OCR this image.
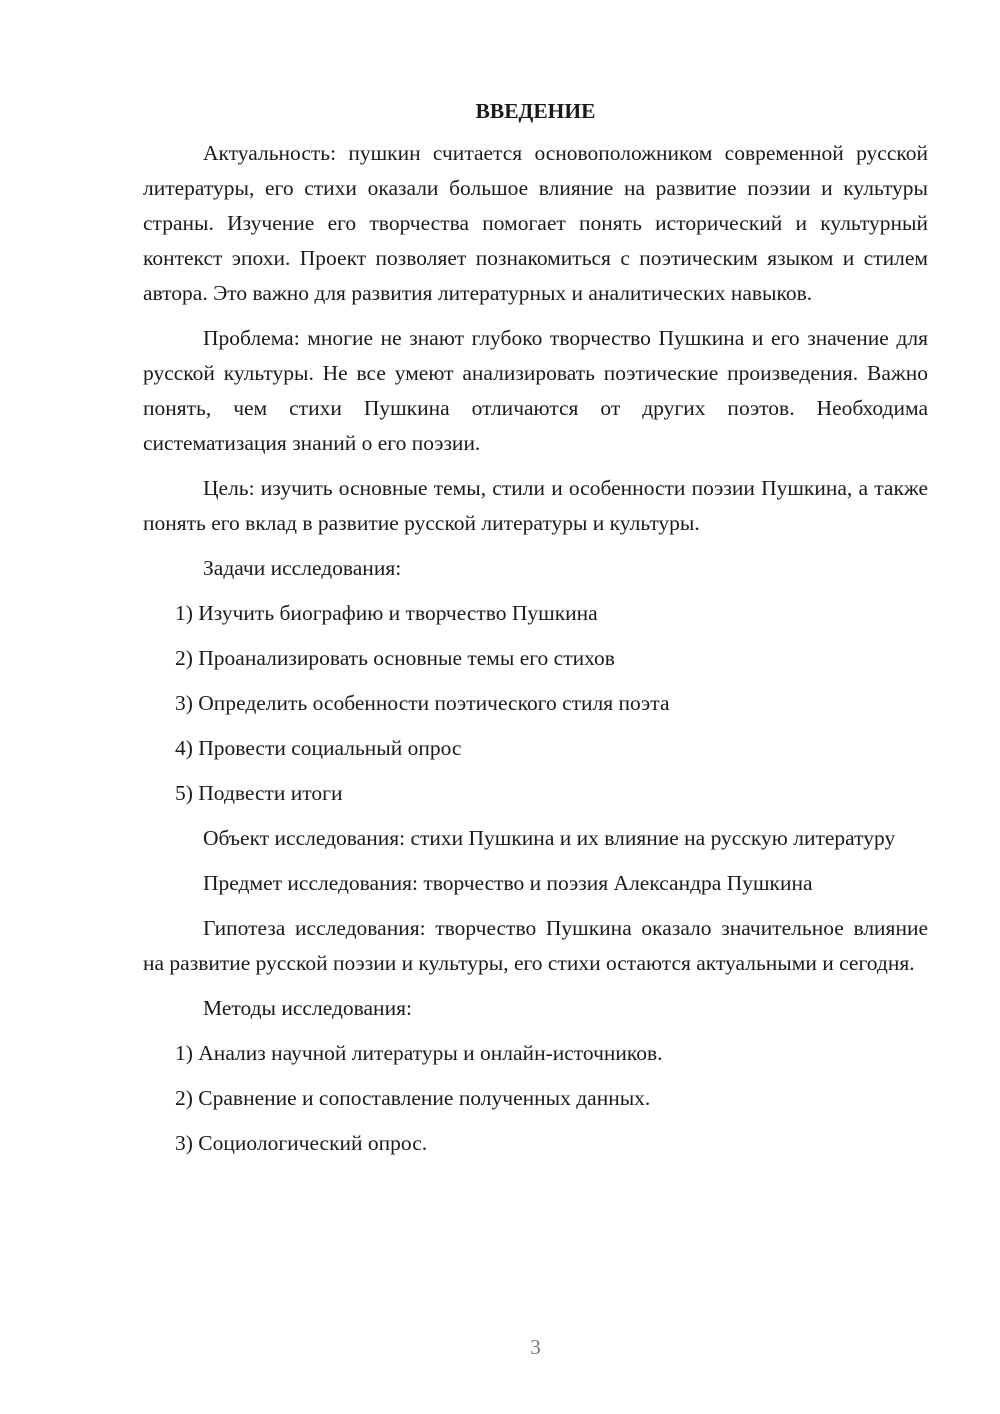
ВВЕДЕНИЕ

Актуальность: пушкин считается основоположником современной русской литературы, его стихи оказали большое влияние на развитие поэзии и культуры страны. Изучение его творчества помогает понять исторический и культурный контекст эпохи. Проект позволяет познакомиться с поэтическим языком и стилем автора. Это важно для развития литературных и аналитических навыков.

Проблема: многие не знают глубоко творчество Пушкина и его значение для русской культуры. Не все умеют анализировать поэтические произведения. Важно понять, чем стихи Пушкина отличаются от других поэтов. Необходима систематизация знаний о его поэзии.

Цель: изучить основные темы, стили и особенности поэзии Пушкина, а также понять его вклад в развитие русской литературы и культуры.

Задачи исследования:

1) Изучить биографию и творчество Пушкина
2) Проанализировать основные темы его стихов
3) Определить особенности поэтического стиля поэта
4) Провести социальный опрос
5) Подвести итоги

Объект исследования: стихи Пушкина и их влияние на русскую литературу

Предмет исследования: творчество и поэзия Александра Пушкина

Гипотеза исследования: творчество Пушкина оказало значительное влияние на развитие русской поэзии и культуры, его стихи остаются актуальными и сегодня.

Методы исследования:

1) Анализ научной литературы и онлайн-источников.
2) Сравнение и сопоставление полученных данных.
3) Социологический опрос.
3
